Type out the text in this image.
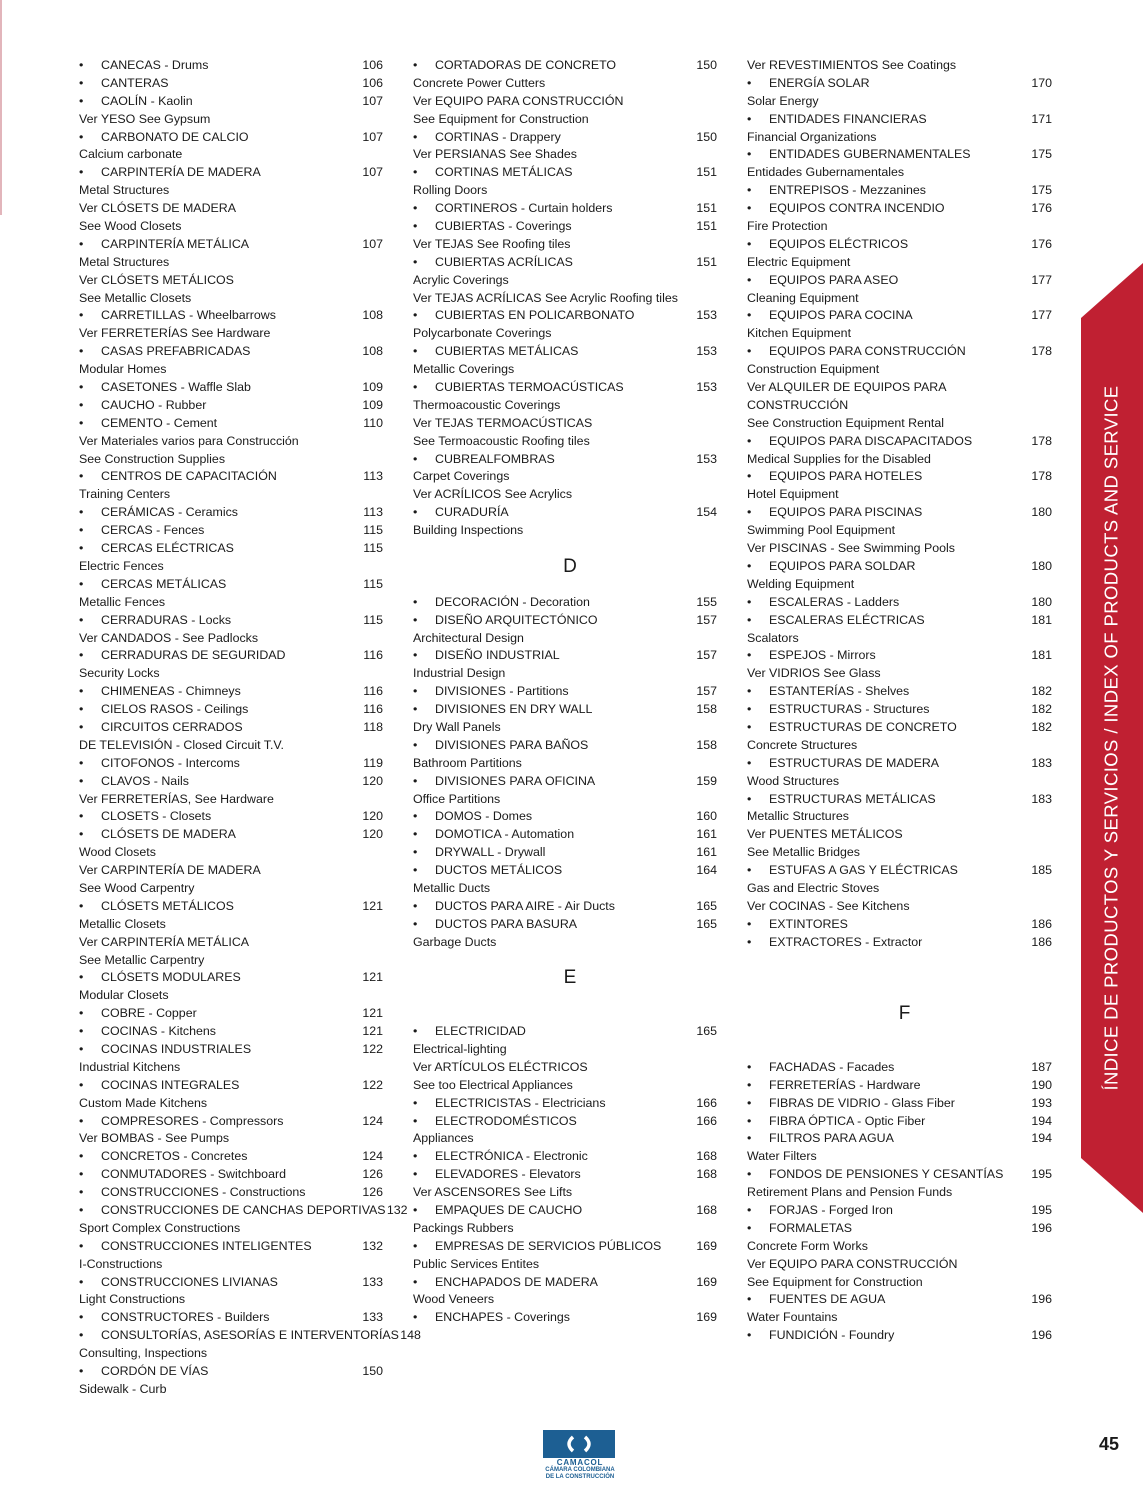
•	CANECAS - Drums	106
•	CANTERAS	106
•	CAOLÍN - Kaolin	107
Ver YESO See Gypsum
•	CARBONATO DE CALCIO	107
Calcium carbonate
•	CARPINTERÍA DE MADERA	107
Metal Structures
Ver CLÓSETS DE MADERA
See Wood Closets
•	CARPINTERÍA METÁLICA	107
Metal Structures
Ver CLÓSETS METÁLICOS
See Metallic Closets
•	CARRETILLAS - Wheelbarrows	108
Ver FERRETERÍAS See Hardware
•	CASAS PREFABRICADAS	108
Modular Homes
•	CASETONES - Waffle Slab	109
•	CAUCHO - Rubber	109
•	CEMENTO - Cement	110
Ver Materiales varios para Construcción
See Construction Supplies
•	CENTROS DE CAPACITACIÓN	113
Training Centers
•	CERÁMICAS - Ceramics	113
•	CERCAS - Fences	115
•	CERCAS ELÉCTRICAS	115
Electric Fences
•	CERCAS METÁLICAS	115
Metallic Fences
•	CERRADURAS - Locks	115
Ver CANDADOS - See Padlocks
•	CERRADURAS DE SEGURIDAD	116
Security Locks
•	CHIMENEAS - Chimneys	116
•	CIELOS RASOS - Ceilings	116
•	CIRCUITOS CERRADOS	118
DE TELEVISIÓN - Closed Circuit T.V.
•	CITOFONOS - Intercoms	119
•	CLAVOS - Nails	120
Ver FERRETERÍAS, See Hardware
•	CLOSETS - Closets	120
•	CLÓSETS DE MADERA	120
Wood Closets
Ver CARPINTERÍA DE MADERA
See Wood Carpentry
•	CLÓSETS METÁLICOS	121
Metallic Closets
Ver CARPINTERÍA METÁLICA
See Metallic Carpentry
•	CLÓSETS MODULARES	121
Modular Closets
•	COBRE - Copper	121
•	COCINAS - Kitchens	121
•	COCINAS INDUSTRIALES	122
Industrial Kitchens
•	COCINAS INTEGRALES	122
Custom Made Kitchens
•	COMPRESORES - Compressors	124
Ver BOMBAS - See Pumps
•	CONCRETOS - Concretes	124
•	CONMUTADORES - Switchboard	126
•	CONSTRUCCIONES - Constructions	126
•	CONSTRUCCIONES DE CANCHAS DEPORTIVAS 132
Sport Complex Constructions
•	CONSTRUCCIONES INTELIGENTES	132
I-Constructions
•	CONSTRUCCIONES LIVIANAS	133
Light Constructions
•	CONSTRUCTORES - Builders	133
•	CONSULTORÍAS, ASESORÍAS E INTERVENTORÍAS 148
Consulting, Inspections
•	CORDÓN DE VÍAS	150
Sidewalk - Curb
•	CORTADORAS DE CONCRETO	150
Concrete Power Cutters
Ver EQUIPO PARA CONSTRUCCIÓN
See Equipment for Construction
•	CORTINAS - Drappery	150
Ver PERSIANAS See Shades
•	CORTINAS METÁLICAS	151
Rolling Doors
•	CORTINEROS - Curtain holders	151
•	CUBIERTAS - Coverings	151
Ver TEJAS See Roofing tiles
•	CUBIERTAS ACRÍLICAS	151
Acrylic Coverings
Ver TEJAS ACRÍLICAS See Acrylic Roofing tiles
•	CUBIERTAS EN POLICARBONATO	153
Polycarbonate Coverings
•	CUBIERTAS METÁLICAS	153
Metallic Coverings
•	CUBIERTAS TERMOACÚSTICAS	153
Thermoacoustic Coverings
Ver TEJAS TERMOACÚSTICAS
See Termoacoustic Roofing tiles
•	CUBREALFOMBRAS	153
Carpet Coverings
Ver ACRÍLICOS See Acrylics
•	CURADURÍA	154
Building Inspections
D
•	DECORACIÓN - Decoration	155
•	DISEÑO ARQUITECTÓNICO	157
Architectural Design
•	DISEÑO INDUSTRIAL	157
Industrial Design
•	DIVISIONES - Partitions	157
•	DIVISIONES EN DRY WALL	158
Dry Wall Panels
•	DIVISIONES PARA BAÑOS	158
Bathroom Partitions
•	DIVISIONES PARA OFICINA	159
Office Partitions
•	DOMOS - Domes	160
•	DOMOTICA - Automation	161
•	DRYWALL - Drywall	161
•	DUCTOS METÁLICOS	164
Metallic Ducts
•	DUCTOS PARA AIRE - Air Ducts	165
•	DUCTOS PARA BASURA	165
Garbage Ducts
E
•	ELECTRICIDAD	165
Electrical-lighting
Ver ARTÍCULOS ELÉCTRICOS
See too Electrical Appliances
•	ELECTRICISTAS - Electricians	166
•	ELECTRODOMÉSTICOS	166
Appliances
•	ELECTRÓNICA - Electronic	168
•	ELEVADORES - Elevators	168
Ver ASCENSORES See Lifts
•	EMPAQUES DE CAUCHO	168
Packings Rubbers
•	EMPRESAS DE SERVICIOS PÚBLICOS	169
Public Services Entites
•	ENCHAPADOS DE MADERA	169
Wood Veneers
•	ENCHAPES - Coverings	169
Ver REVESTIMIENTOS See Coatings
•	ENERGÍA SOLAR	170
Solar Energy
•	ENTIDADES FINANCIERAS	171
Financial Organizations
•	ENTIDADES GUBERNAMENTALES	175
Entidades Gubernamentales
•	ENTREPISOS - Mezzanines	175
•	EQUIPOS CONTRA INCENDIO	176
Fire Protection
•	EQUIPOS ELÉCTRICOS	176
Electric Equipment
•	EQUIPOS PARA ASEO	177
Cleaning Equipment
•	EQUIPOS PARA COCINA	177
Kitchen Equipment
•	EQUIPOS PARA CONSTRUCCIÓN	178
Construction Equipment
Ver ALQUILER DE EQUIPOS PARA
CONSTRUCCIÓN
See Construction Equipment Rental
•	EQUIPOS PARA DISCAPACITADOS	178
Medical Supplies for the Disabled
•	EQUIPOS PARA HOTELES	178
Hotel Equipment
•	EQUIPOS PARA PISCINAS	180
Swimming Pool Equipment
Ver PISCINAS - See Swimming Pools
•	EQUIPOS PARA SOLDAR	180
Welding Equipment
•	ESCALERAS - Ladders	180
•	ESCALERAS ELÉCTRICAS	181
Scalators
•	ESPEJOS - Mirrors	181
Ver VIDRIOS See Glass
•	ESTANTERÍAS - Shelves	182
•	ESTRUCTURAS - Structures	182
•	ESTRUCTURAS DE CONCRETO	182
Concrete Structures
•	ESTRUCTURAS DE MADERA	183
Wood Structures
•	ESTRUCTURAS METÁLICAS	183
Metallic Structures
Ver PUENTES METÁLICOS
See Metallic Bridges
•	ESTUFAS A GAS Y ELÉCTRICAS	185
Gas and Electric Stoves
Ver COCINAS - See Kitchens
•	EXTINTORES	186
•	EXTRACTORES - Extractor	186
F
•	FACHADAS - Facades	187
•	FERRETERÍAS - Hardware	190
•	FIBRAS DE VIDRIO - Glass Fiber	193
•	FIBRA ÓPTICA - Optic Fiber	194
•	FILTROS PARA AGUA	194
Water Filters
•	FONDOS DE PENSIONES Y CESANTÍAS	195
Retirement Plans and Pension Funds
•	FORJAS - Forged Iron	195
•	FORMALETAS	196
Concrete Form Works
Ver EQUIPO PARA CONSTRUCCIÓN
See Equipment for Construction
•	FUENTES DE AGUA	196
Water Fountains
•	FUNDICIÓN - Foundry	196
ÍNDICE DE PRODUCTOS Y SERVICIOS / INDEX OF PRODUCTS AND SERVICE
CAMACOL
CÁMARA COLOMBIANA
DE LA CONSTRUCCIÓN
45
